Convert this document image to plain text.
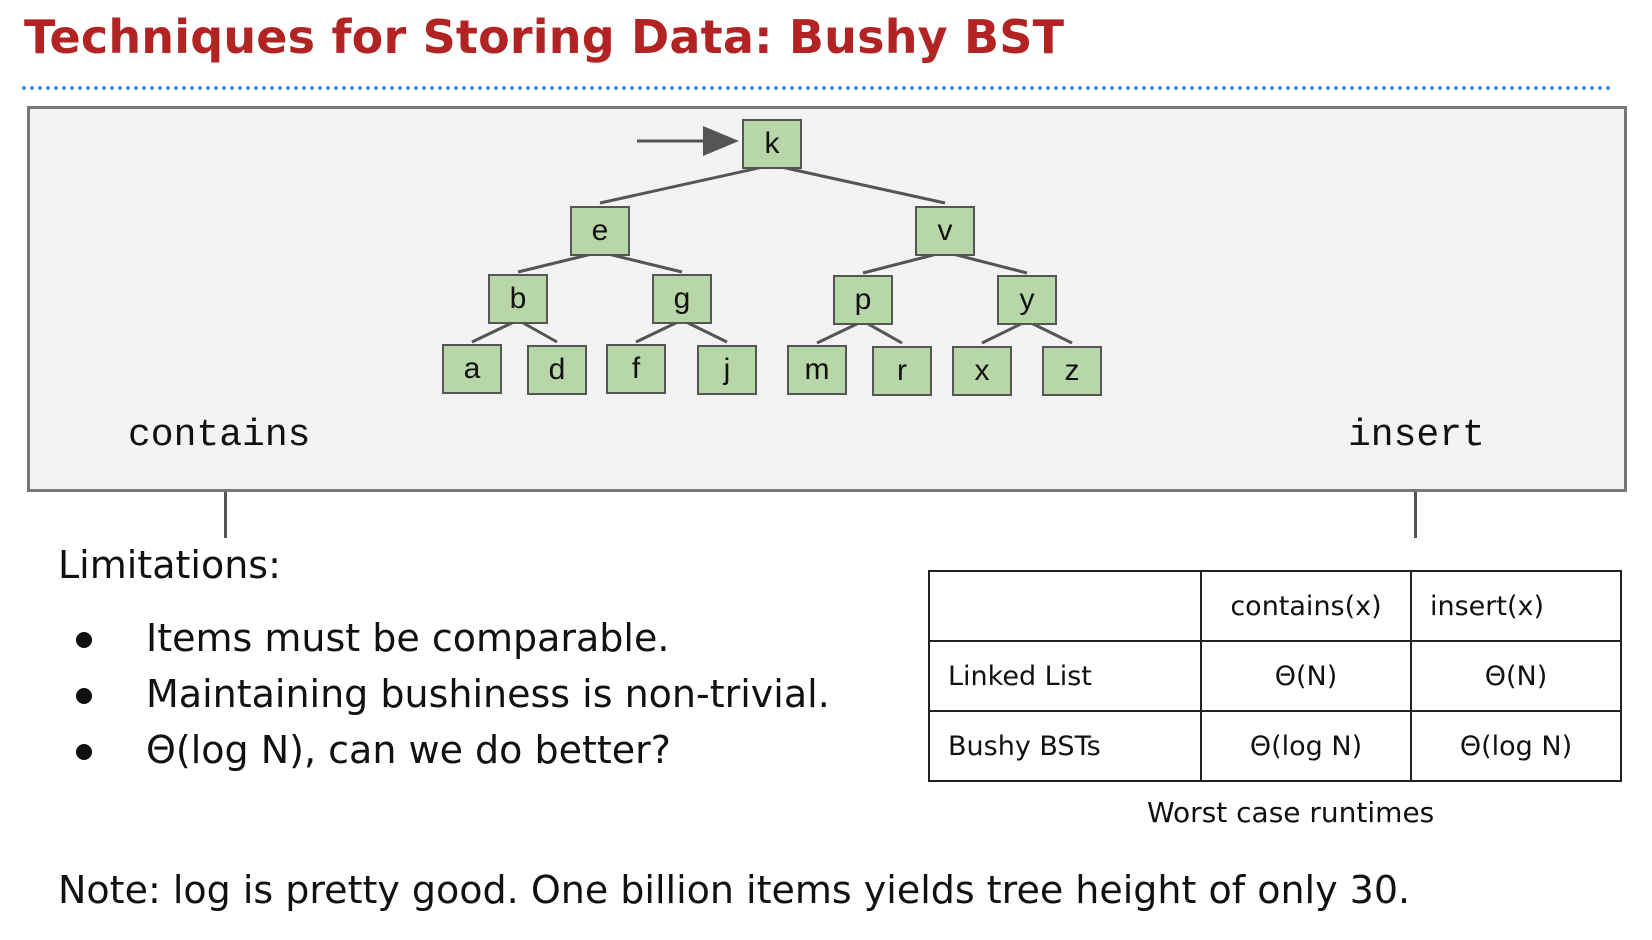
Techniques for Storing Data: Bushy BST
k
e	v
b	g	p	y
a	d	f	j	m	r	x	z
contains	insert
Limitations:
Items must be comparable.
Maintaining bushiness is non-trivial.
Θ(log N), can we do better?
	contains(x)	insert(x)
Linked List	Θ(N)	Θ(N)
Bushy BSTs	Θ(log N)	Θ(log N)
Worst case runtimes
Note: log is pretty good. One billion items yields tree height of only 30.
